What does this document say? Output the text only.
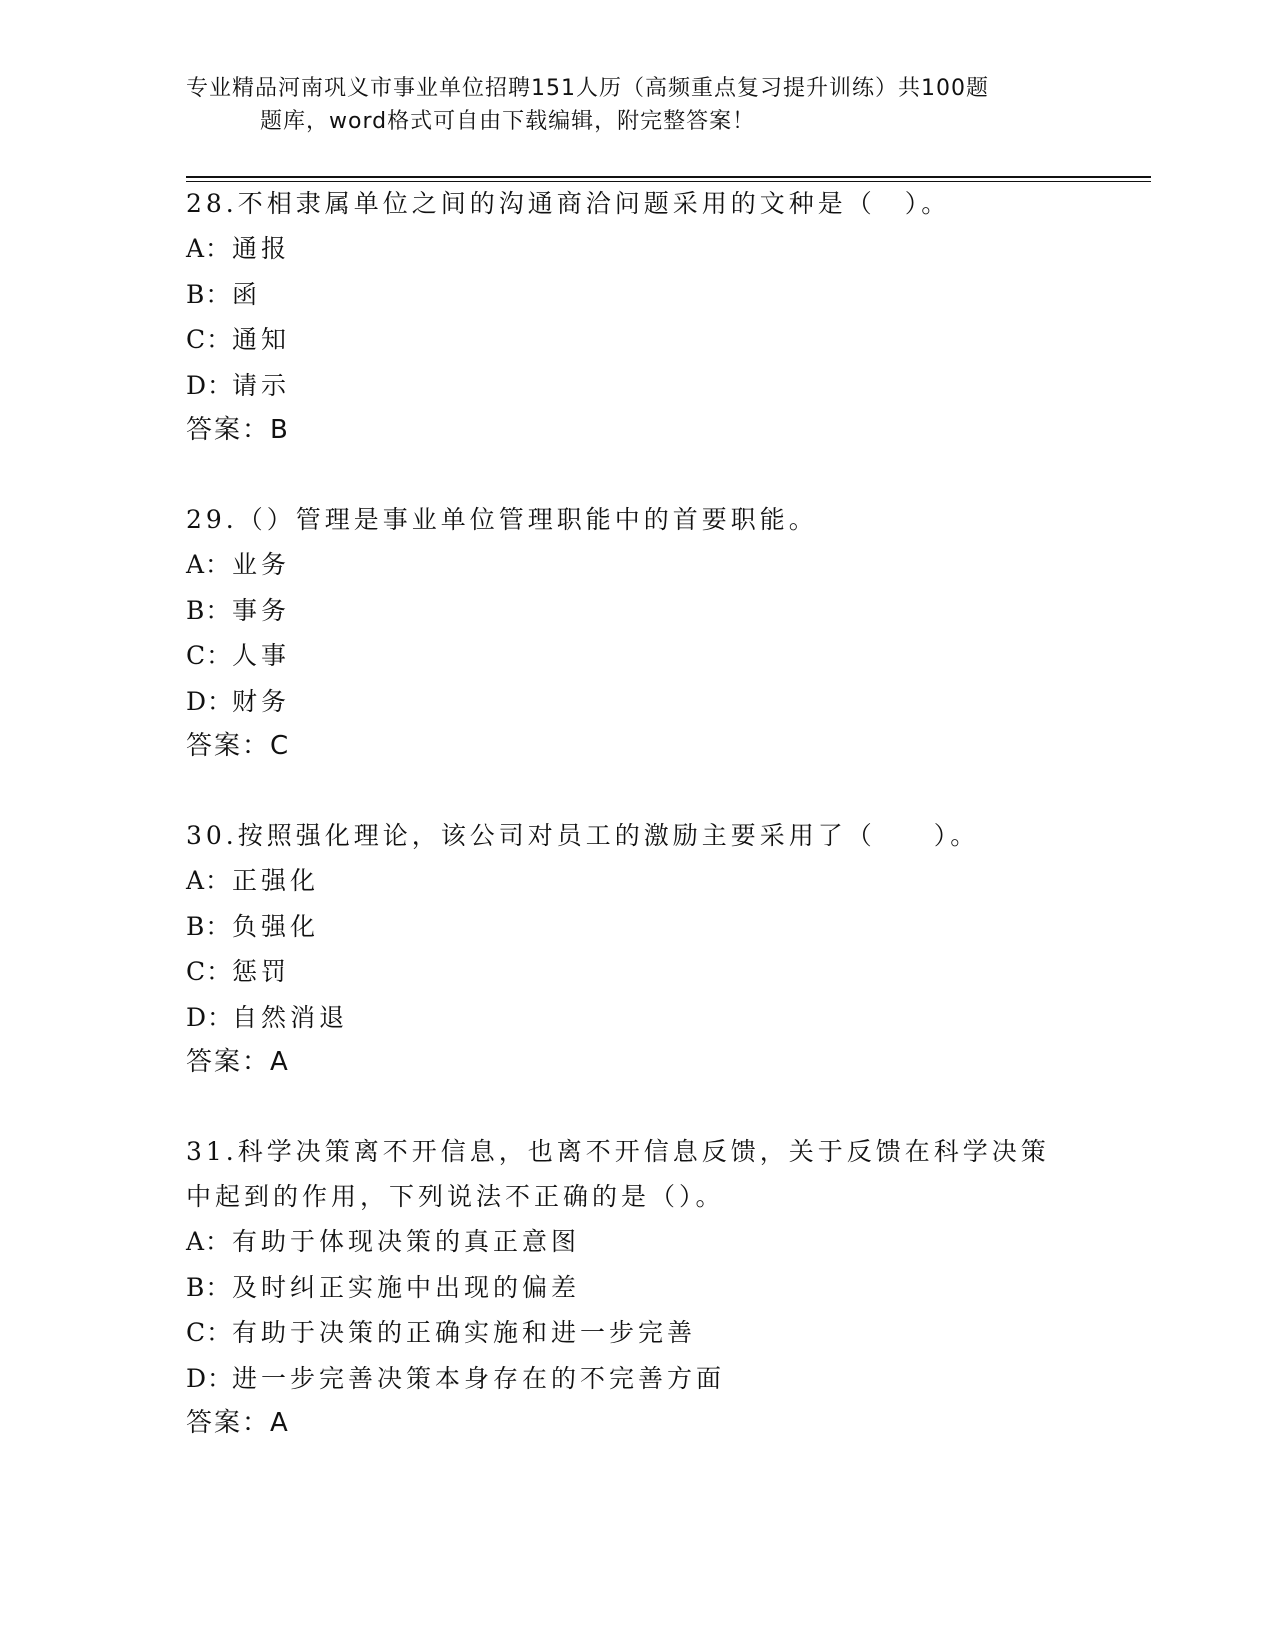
专业精品河南巩义市事业单位招聘151人历（高频重点复习提升训练）共100题
题库，word格式可自由下载编辑，附完整答案！

28.不相隶属单位之间的沟通商洽问题采用的文种是（　）。

A：通报

B：函

C：通知

D：请示

答案：B

29.（）管理是事业单位管理职能中的首要职能。

A：业务

B：事务

C：人事

D：财务

答案：C

30.按照强化理论，该公司对员工的激励主要采用了（　　）。

A：正强化

B：负强化

C：惩罚

D：自然消退

答案：A

31.科学决策离不开信息，也离不开信息反馈，关于反馈在科学决策中起到的作用，下列说法不正确的是（）。

A：有助于体现决策的真正意图

B：及时纠正实施中出现的偏差

C：有助于决策的正确实施和进一步完善

D：进一步完善决策本身存在的不完善方面

答案：A
